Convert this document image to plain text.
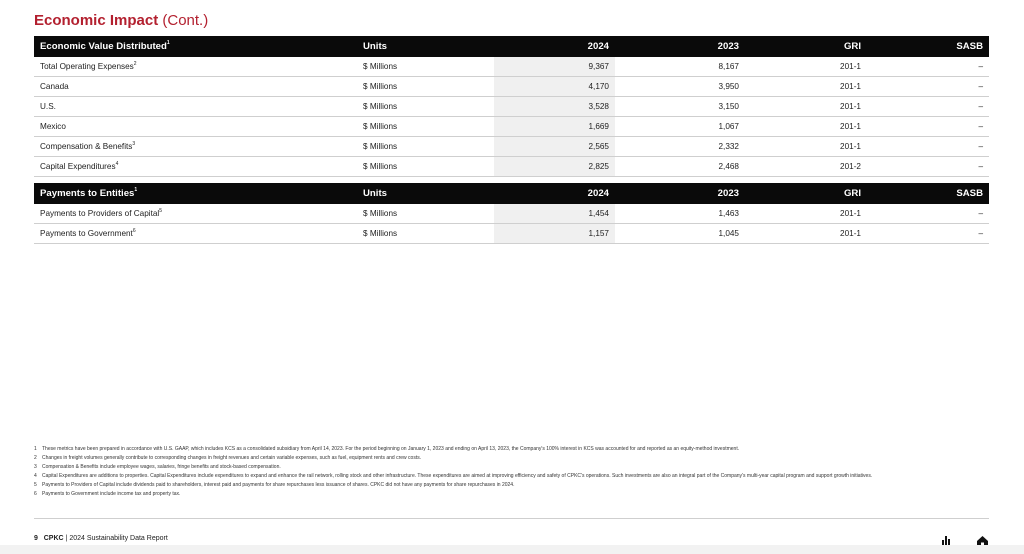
Economic Impact (Cont.)
Economic Value Distributed$^1$	Units	2024	2023	GRI	SASB
Total Operating Expenses$^2$	$ Millions	9,367	8,167	201-1	–
Canada	$ Millions	4,170	3,950	201-1	–
U.S.	$ Millions	3,528	3,150	201-1	–
Mexico	$ Millions	1,669	1,067	201-1	–
Compensation & Benefits$^3$	$ Millions	2,565	2,332	201-1	–
Capital Expenditures$^4$	$ Millions	2,825	2,468	201-2	–
Payments to Entities$^1$	Units	2024	2023	GRI	SASB
Payments to Providers of Capital$^5$	$ Millions	1,454	1,463	201-1	–
Payments to Government$^6$	$ Millions	1,157	1,045	201-1	–
1	These metrics have been prepared in accordance with U.S. GAAP, which includes KCS as a consolidated subsidiary from April 14, 2023. For the period beginning on January 1, 2023 and ending on April 13, 2023, the Company's 100% interest in KCS was accounted for and reported as an equity-method investment.
2	Changes in freight volumes generally contribute to corresponding changes in freight revenues and certain variable expenses, such as fuel, equipment rents and crew costs.
3	Compensation & Benefits include employee wages, salaries, fringe benefits and stock-based compensation.
4	Capital Expenditures are additions to properties. Capital Expenditures include expenditures to expand and enhance the rail network, rolling stock and other infrastructure. These expenditures are aimed at improving efficiency and safety of CPKC's operations. Such investments are also an integral part of the Company's multi-year capital program and support growth initiatives.
5	Payments to Providers of Capital include dividends paid to shareholders, interest paid and payments for share repurchases less issuance of shares. CPKC did not have any payments for share repurchases in 2024.
6	Payments to Government include income tax and property tax.
9 CPKC | 2024 Sustainability Data Report
